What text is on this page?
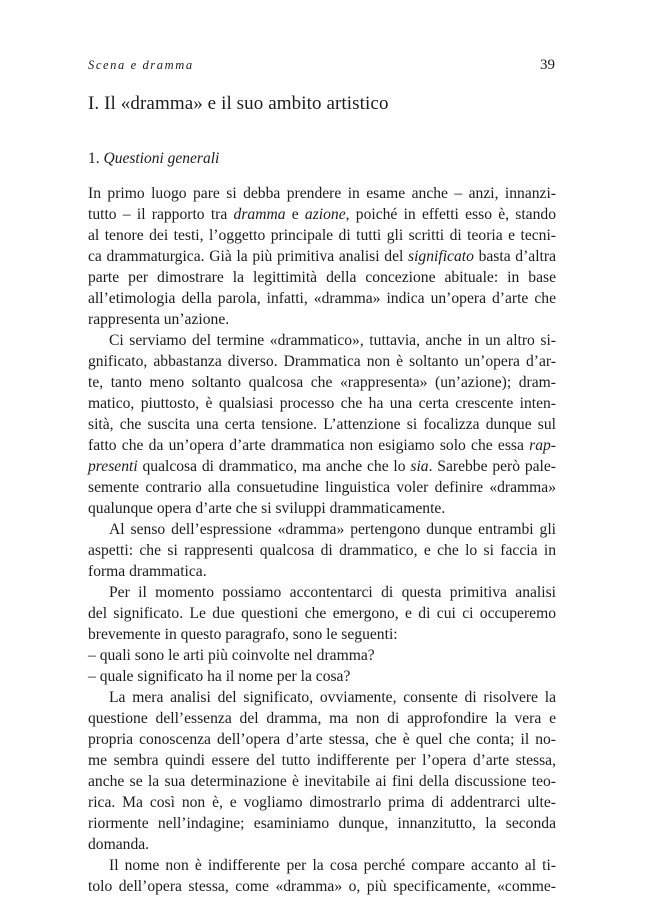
Scena e dramma	39
I. Il «dramma» e il suo ambito artistico
1. Questioni generali
In primo luogo pare si debba prendere in esame anche – anzi, innanzi-
tutto – il rapporto tra dramma e azione, poiché in effetti esso è, stando
al tenore dei testi, l’oggetto principale di tutti gli scritti di teoria e tecni-
ca drammaturgica. Già la più primitiva analisi del significato basta d’altra
parte per dimostrare la legittimità della concezione abituale: in base
all’etimologia della parola, infatti, «dramma» indica un’opera d’arte che
rappresenta un’azione.
Ci serviamo del termine «drammatico», tuttavia, anche in un altro si-
gnificato, abbastanza diverso. Drammatica non è soltanto un’opera d’ar-
te, tanto meno soltanto qualcosa che «rappresenta» (un’azione); dram-
matico, piuttosto, è qualsiasi processo che ha una certa crescente inten-
sità, che suscita una certa tensione. L’attenzione si focalizza dunque sul
fatto che da un’opera d’arte drammatica non esigiamo solo che essa rap-
presenti qualcosa di drammatico, ma anche che lo sia. Sarebbe però pale-
semente contrario alla consuetudine linguistica voler definire «dramma»
qualunque opera d’arte che si sviluppi drammaticamente.
Al senso dell’espressione «dramma» pertengono dunque entrambi gli
aspetti: che si rappresenti qualcosa di drammatico, e che lo si faccia in
forma drammatica.
Per il momento possiamo accontentarci di questa primitiva analisi
del significato. Le due questioni che emergono, e di cui ci occuperemo
brevemente in questo paragrafo, sono le seguenti:
– quali sono le arti più coinvolte nel dramma?
– quale significato ha il nome per la cosa?
La mera analisi del significato, ovviamente, consente di risolvere la
questione dell’essenza del dramma, ma non di approfondire la vera e
propria conoscenza dell’opera d’arte stessa, che è quel che conta; il no-
me sembra quindi essere del tutto indifferente per l’opera d’arte stessa,
anche se la sua determinazione è inevitabile ai fini della discussione teo-
rica. Ma così non è, e vogliamo dimostrarlo prima di addentrarci ulte-
riormente nell’indagine; esaminiamo dunque, innanzitutto, la seconda
domanda.
Il nome non è indifferente per la cosa perché compare accanto al ti-
tolo dell’opera stessa, come «dramma» o, più specificamente, «comme-
